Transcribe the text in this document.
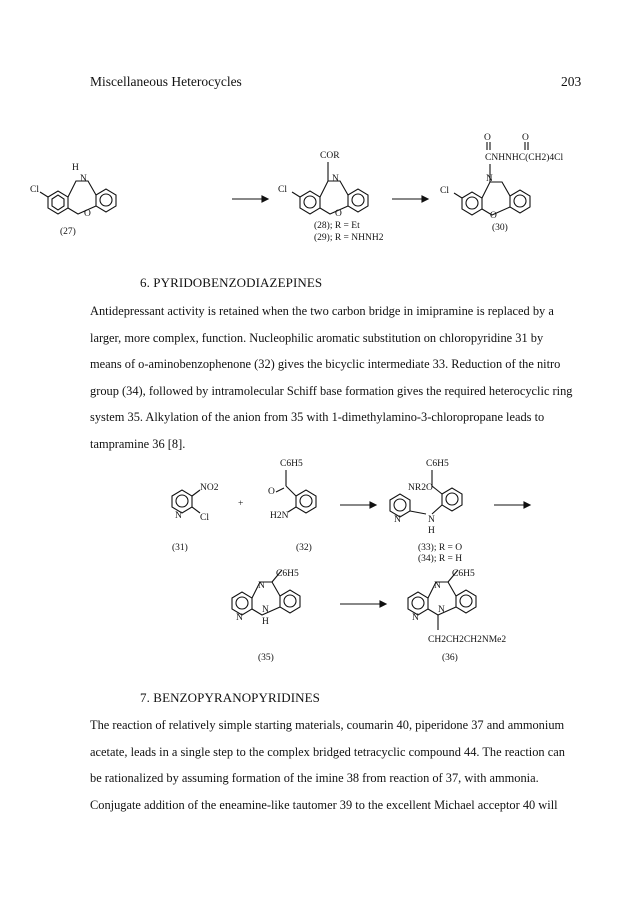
Miscellaneous Heterocycles	203
H
N
Cl
O
(27)
COR
N
Cl
O
(28); R = Et
(29); R = NHNH2
O	O
CNHNHC(CH2)4Cl
N
Cl
O
(30)
NO2
N Cl
(31)
+
C6H5
O
H2N
(32)
C6H5
NR2 O
N	N
H
(33); R = O
(34); R = H
C6H5
N
N
N
H
(35)
C6H5
N
N
N
CH2CH2CH2NMe2
(36)
6. PYRIDOBENZODIAZEPINES
Antidepressant activity is retained when the two carbon bridge in imipramine is replaced by a
larger, more complex, function. Nucleophilic aromatic substitution on chloropyridine 31 by
means of o-aminobenzophenone (32) gives the bicyclic intermediate 33. Reduction of the nitro
group (34), followed by intramolecular Schiff base formation gives the required heterocyclic ring
system 35. Alkylation of the anion from 35 with 1-dimethylamino-3-chloropropane leads to
tampramine 36 [8].
7. BENZOPYRANOPYRIDINES
The reaction of relatively simple starting materials, coumarin 40, piperidone 37 and ammonium
acetate, leads in a single step to the complex bridged tetracyclic compound 44. The reaction can
be rationalized by assuming formation of the imine 38 from reaction of 37, with ammonia.
Conjugate addition of the eneamine-like tautomer 39 to the excellent Michael acceptor 40 will
